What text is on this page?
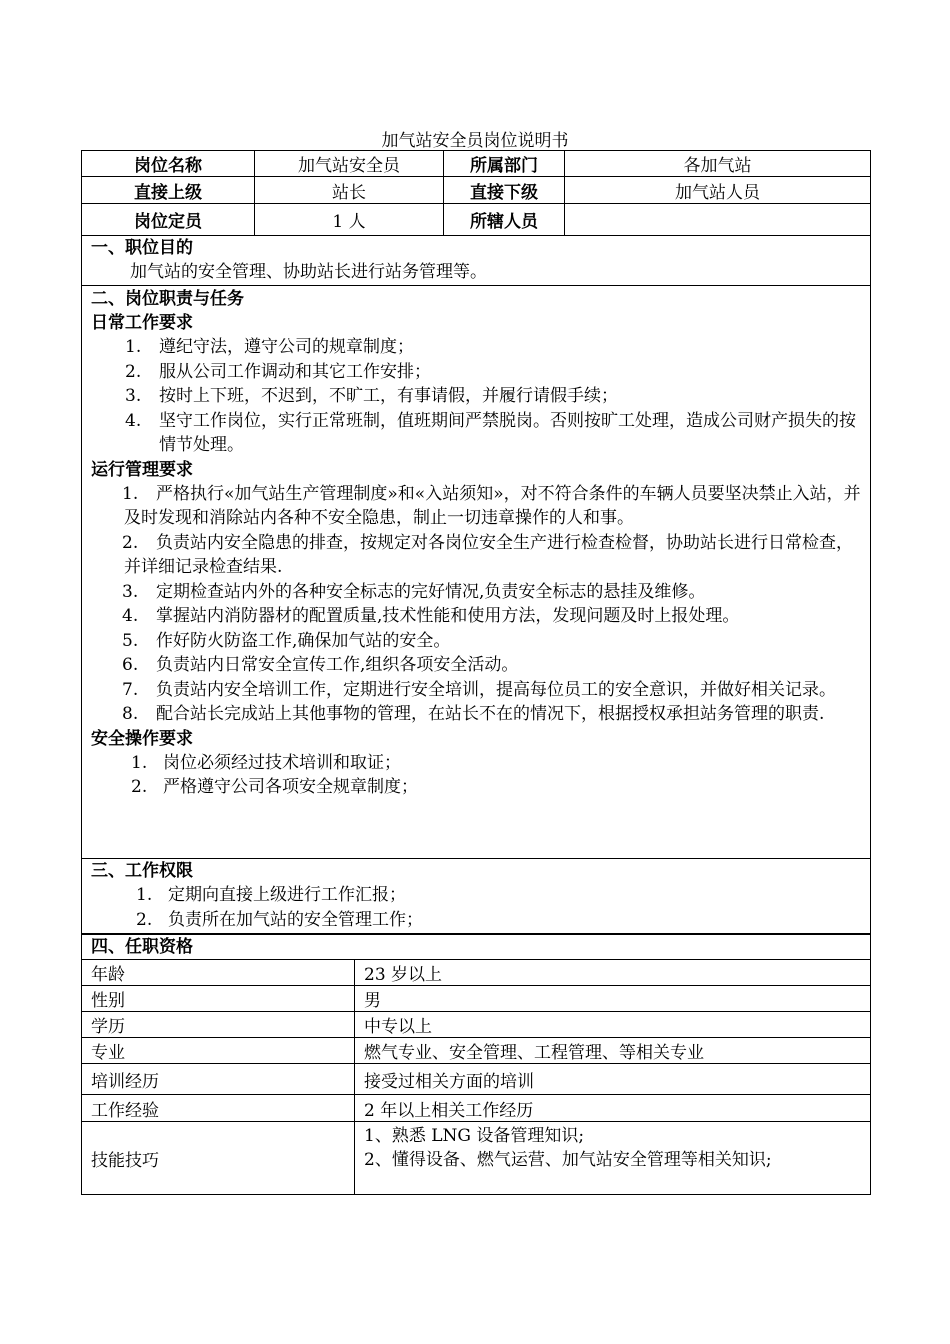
加气站安全员岗位说明书
岗位名称	加气站安全员	所属部门	各加气站
直接上级	站长	直接下级	加气站人员
岗位定员	1 人	所辖人员	
一、职位目的
加气站的安全管理、协助站长进行站务管理等。
二、岗位职责与任务
日常工作要求
1. 遵纪守法，遵守公司的规章制度；
2. 服从公司工作调动和其它工作安排；
3. 按时上下班，不迟到，不旷工，有事请假，并履行请假手续；
4. 坚守工作岗位，实行正常班制，值班期间严禁脱岗。否则按旷工处理，造成公司财产损失的按情节处理。
运行管理要求
1. 严格执行«加气站生产管理制度»和«入站须知»，对不符合条件的车辆人员要坚决禁止入站，并及时发现和消除站内各种不安全隐患，制止一切违章操作的人和事。
2. 负责站内安全隐患的排查，按规定对各岗位安全生产进行检查检督，协助站长进行日常检查，并详细记录检查结果.
3. 定期检查站内外的各种安全标志的完好情况,负责安全标志的悬挂及维修。
4. 掌握站内消防器材的配置质量,技术性能和使用方法，发现问题及时上报处理。
5. 作好防火防盗工作,确保加气站的安全。
6. 负责站内日常安全宣传工作,组织各项安全活动。
7. 负责站内安全培训工作，定期进行安全培训，提高每位员工的安全意识，并做好相关记录。
8. 配合站长完成站上其他事物的管理，在站长不在的情况下，根据授权承担站务管理的职责.
安全操作要求
1. 岗位必须经过技术培训和取证；
2. 严格遵守公司各项安全规章制度；
三、工作权限
1. 定期向直接上级进行工作汇报；
2. 负责所在加气站的安全管理工作；
四、任职资格	
年龄	23 岁以上
性别	男
学历	中专以上
专业	燃气专业、安全管理、工程管理、等相关专业
培训经历	接受过相关方面的培训
工作经验	2 年以上相关工作经历
技能技巧	1、熟悉 LNG 设备管理知识;
2、懂得设备、燃气运营、加气站安全管理等相关知识;
